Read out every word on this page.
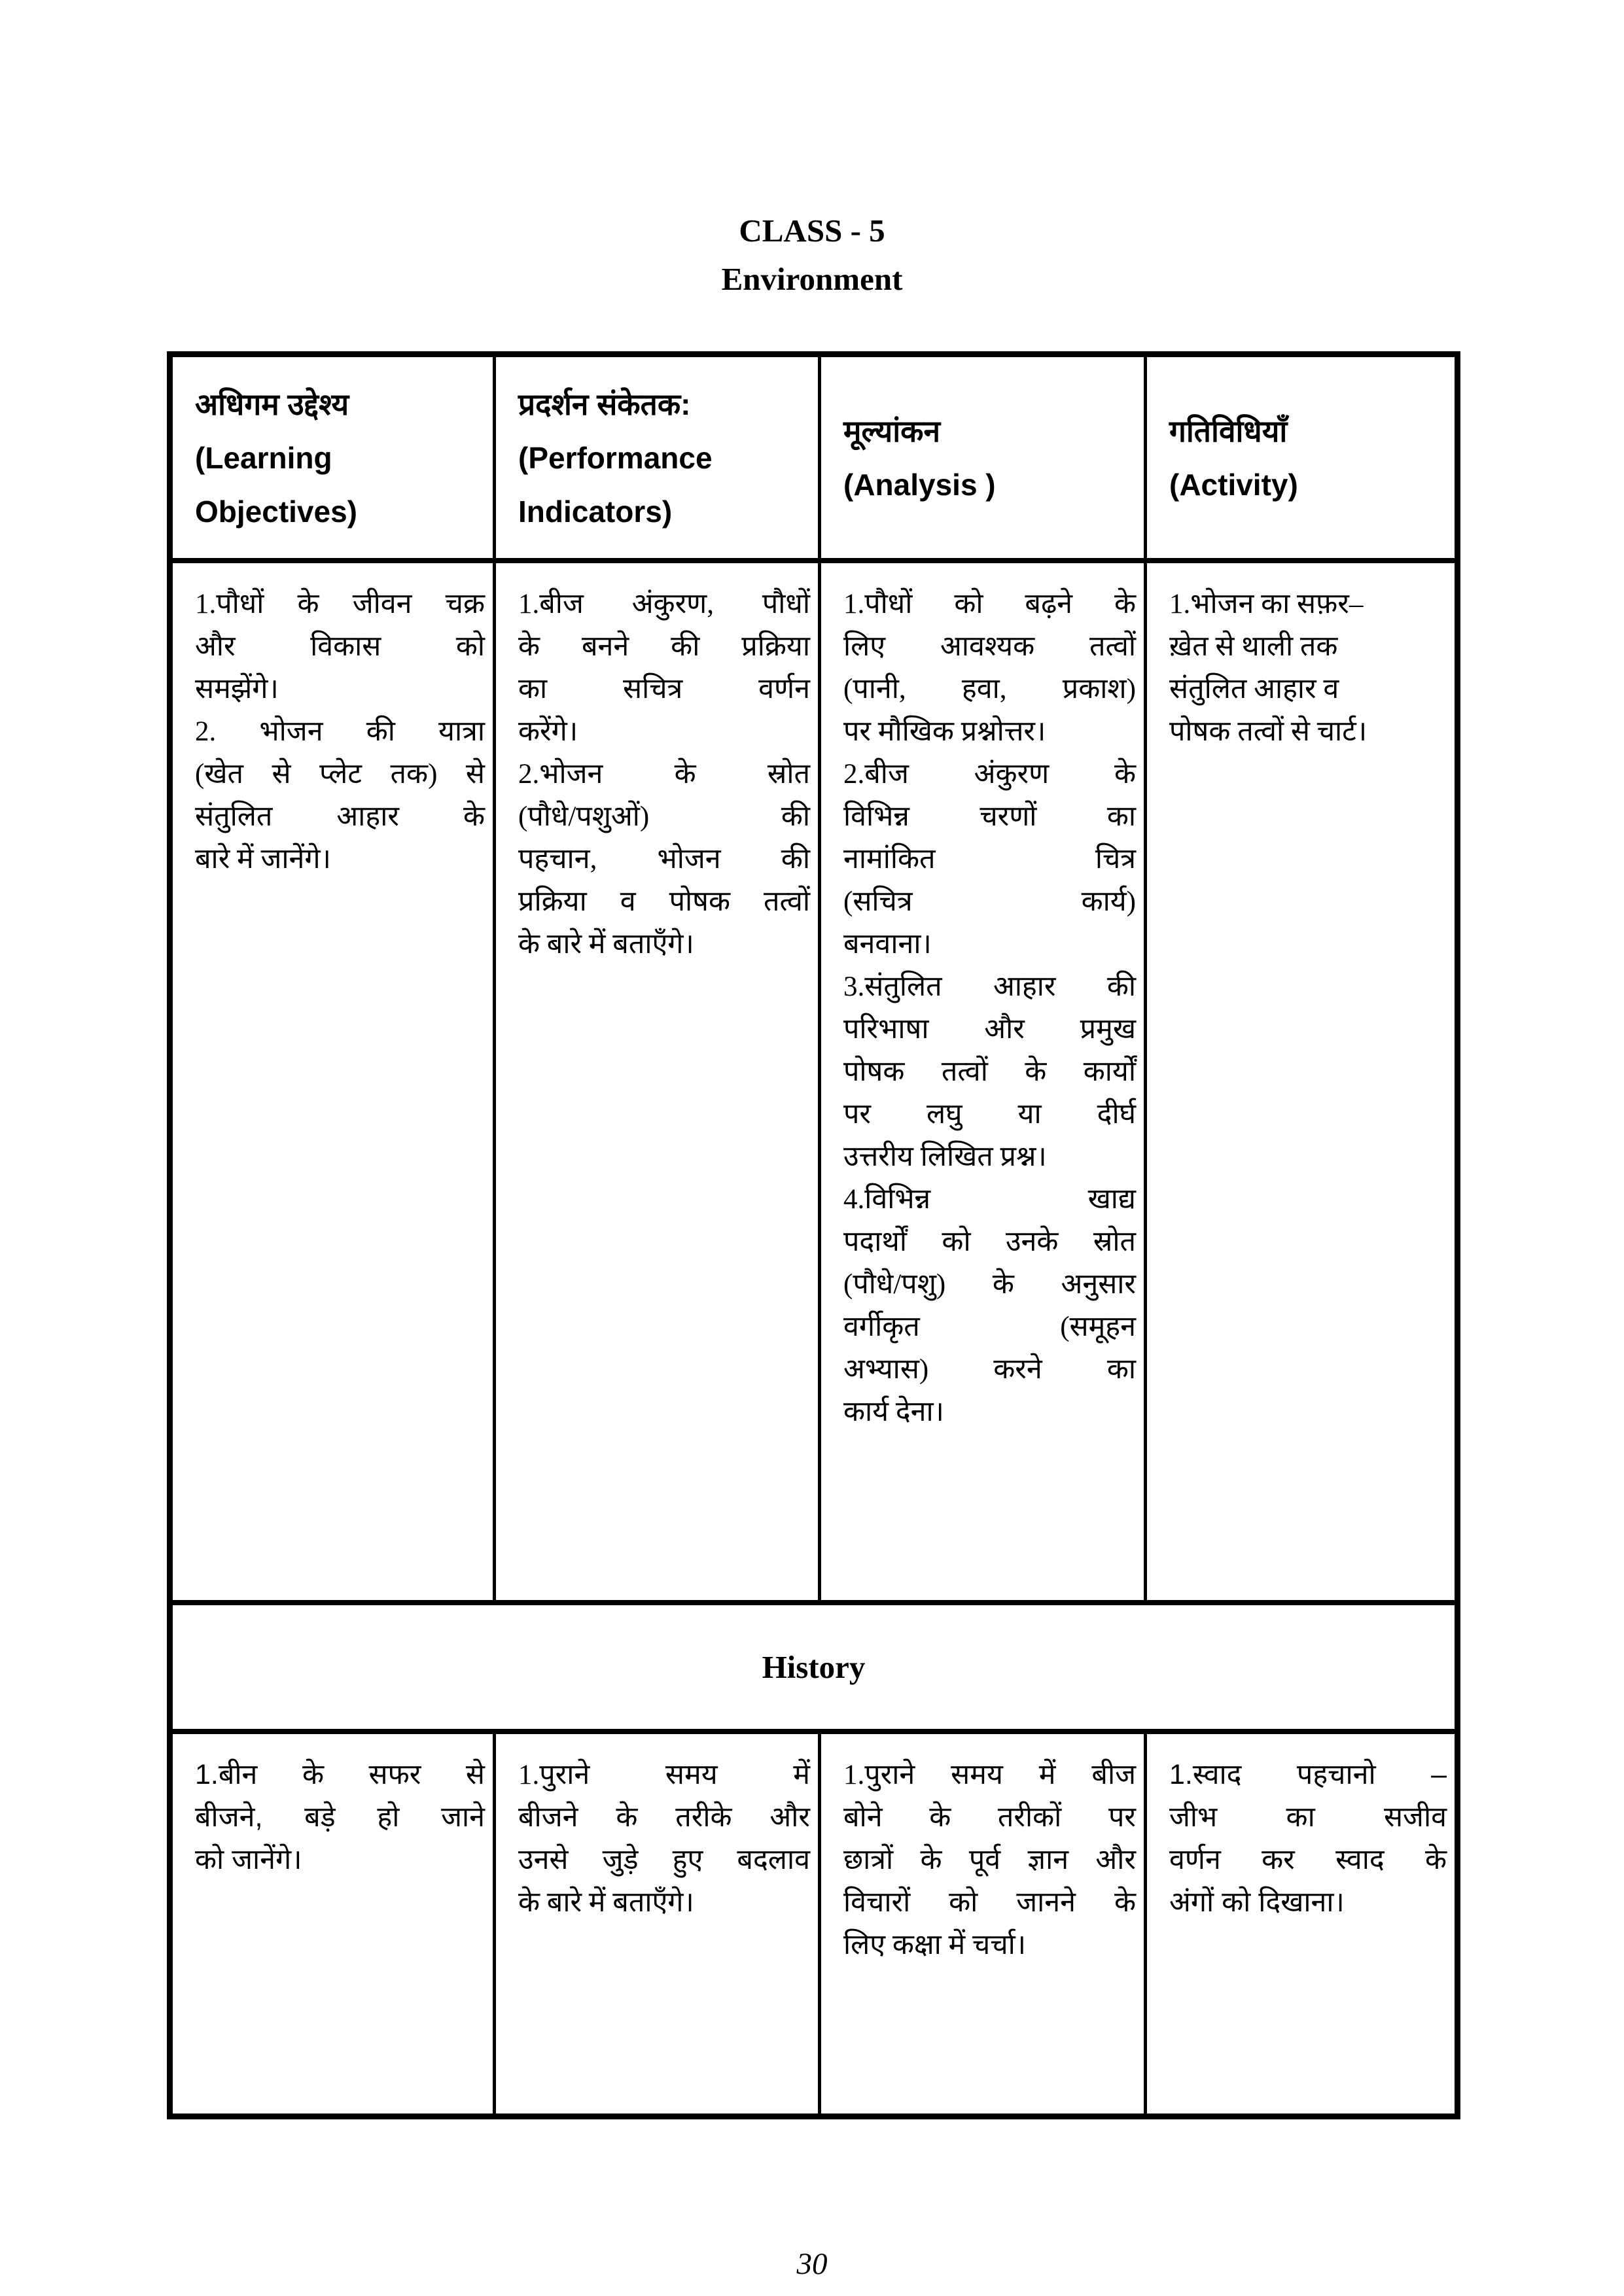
CLASS - 5
Environment
अधिगम उद्देश्य
(Learning
Objectives)
प्रदर्शन संकेतक:
(Performance
Indicators)
मूल्यांकन
(Analysis )
गतिविधियाँ
(Activity)
1.पौधों के जीवन चक्र
और विकास को
समझेंगे।
2. भोजन की यात्रा
(खेत से प्लेट तक) से
संतुलित आहार के
बारे में जानेंगे।
1.बीज अंकुरण, पौधों
के बनने की प्रक्रिया
का सचित्र वर्णन
करेंगे।
2.भोजन के स्रोत
(पौधे/पशुओं) की
पहचान, भोजन की
प्रक्रिया व पोषक तत्वों
के बारे में बताएँगे।
1.पौधों को बढ़ने के
लिए आवश्यक तत्वों
(पानी, हवा, प्रकाश)
पर मौखिक प्रश्नोत्तर।
2.बीज अंकुरण के
विभिन्न चरणों का
नामांकित चित्र
(सचित्र कार्य)
बनवाना।
3.संतुलित आहार की
परिभाषा और प्रमुख
पोषक तत्वों के कार्यों
पर लघु या दीर्घ
उत्तरीय लिखित प्रश्न।
4.विभिन्न खाद्य
पदार्थों को उनके स्रोत
(पौधे/पशु) के अनुसार
वर्गीकृत (समूहन
अभ्यास) करने का
कार्य देना।
1.भोजन का सफ़र–
ख़ेत से थाली तक
संतुलित आहार व
पोषक तत्वों से चार्ट।
History
1.बीन के सफर से
बीजने, बड़े हो जाने
को जानेंगे।
1.पुराने समय में
बीजने के तरीके और
उनसे जुड़े हुए बदलाव
के बारे में बताएँगे।
1.पुराने समय में बीज
बोने के तरीकों पर
छात्रों के पूर्व ज्ञान और
विचारों को जानने के
लिए कक्षा में चर्चा।
1.स्वाद पहचानो –
जीभ का सजीव
वर्णन कर स्वाद के
अंगों को दिखाना।
30
